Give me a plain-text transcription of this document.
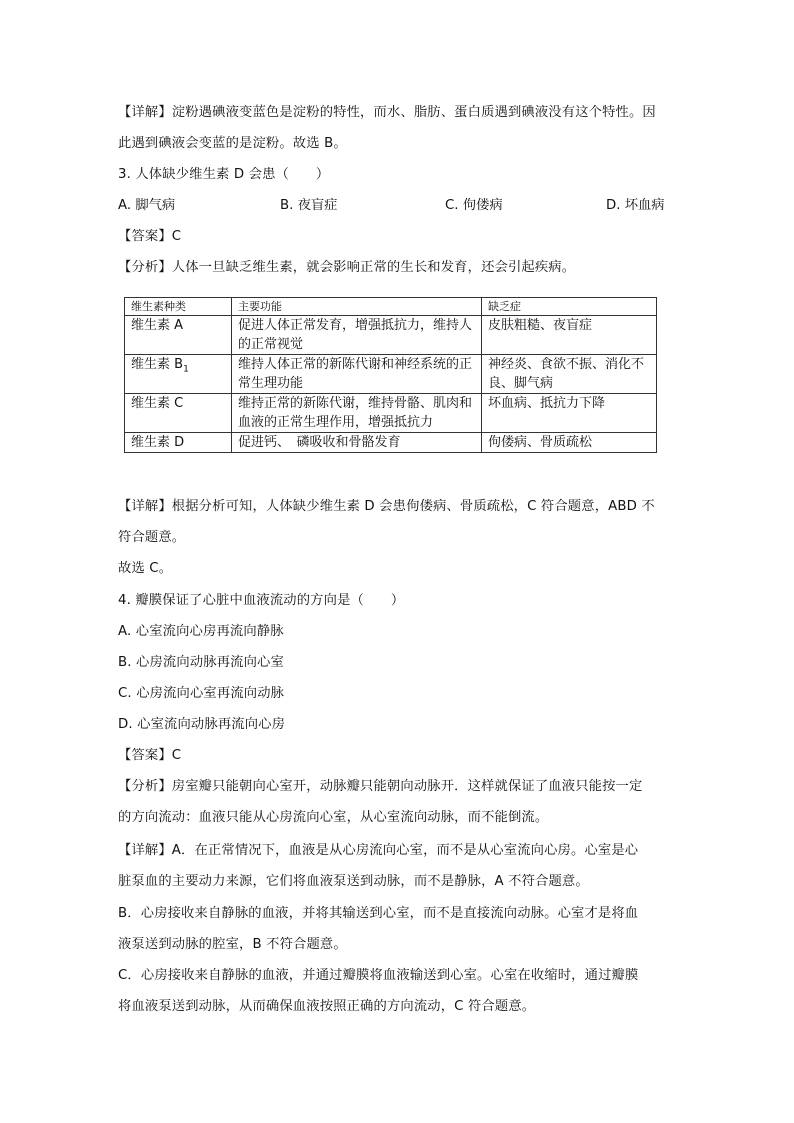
【详解】淀粉遇碘液变蓝色是淀粉的特性，而水、脂肪、蛋白质遇到碘液没有这个特性。因
此遇到碘液会变蓝的是淀粉。故选 B。
3. 人体缺少维生素 D 会患（　　）
A. 脚气病	B. 夜盲症	C. 佝偻病	D. 坏血病
【答案】C
【分析】人体一旦缺乏维生素，就会影响正常的生长和发育，还会引起疾病。
维生素种类	主要功能	缺乏症
维生素 A	促进人体正常发育，增强抵抗力，维持人的正常视觉	皮肤粗糙、夜盲症
维生素 $B_1$	维持人体正常的新陈代谢和神经系统的正常生理功能	神经炎、食欲不振、消化不良、脚气病
维生素 C	维持正常的新陈代谢，维持骨骼、肌肉和血液的正常生理作用，增强抵抗力	坏血病、抵抗力下降
维生素 D	促进钙、　磷吸收和骨骼发育	佝偻病、骨质疏松
【详解】根据分析可知，人体缺少维生素 D 会患佝偻病、骨质疏松，C 符合题意，ABD 不
符合题意。
故选 C。
4. 瓣膜保证了心脏中血液流动的方向是（　　）
A. 心室流向心房再流向静脉
B. 心房流向动脉再流向心室
C. 心房流向心室再流向动脉
D. 心室流向动脉再流向心房
【答案】C
【分析】房室瓣只能朝向心室开，动脉瓣只能朝向动脉开．这样就保证了血液只能按一定
的方向流动：血液只能从心房流向心室，从心室流向动脉，而不能倒流。
【详解】A．在正常情况下，血液是从心房流向心室，而不是从心室流向心房。心室是心
脏泵血的主要动力来源，它们将血液泵送到动脉，而不是静脉，A 不符合题意。
B．心房接收来自静脉的血液，并将其输送到心室，而不是直接流向动脉。心室才是将血
液泵送到动脉的腔室，B 不符合题意。
C．心房接收来自静脉的血液，并通过瓣膜将血液输送到心室。心室在收缩时，通过瓣膜
将血液泵送到动脉，从而确保血液按照正确的方向流动，C 符合题意。
